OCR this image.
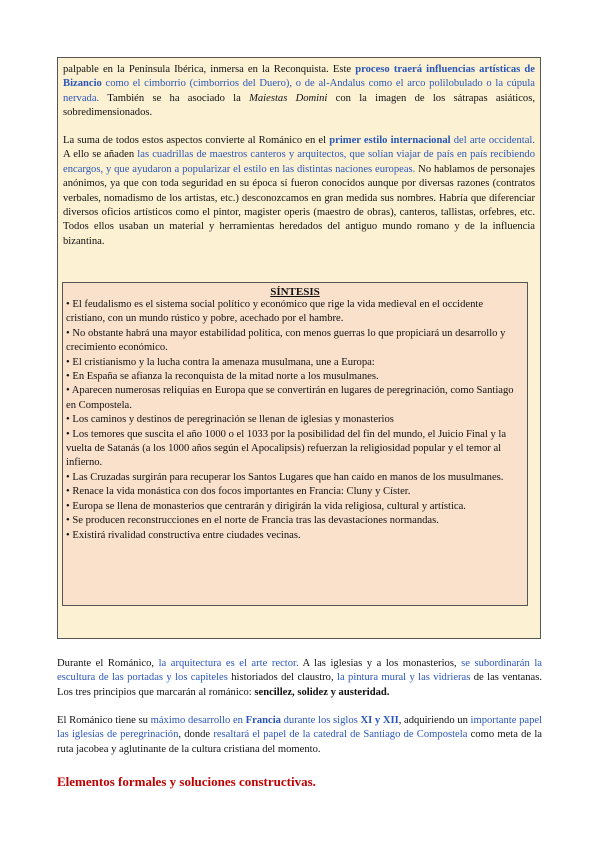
palpable en la Península Ibérica, inmersa en la Reconquista. Este proceso traerá influencias artísticas de Bizancio como el cimborrio (cimborrios del Duero), o de al-Andalus como el arco polilobulado o la cúpula nervada. También se ha asociado la Maiestas Domini con la imagen de los sátrapas asiáticos, sobredimensionados.

La suma de todos estos aspectos convierte al Románico en el primer estilo internacional del arte occidental. A ello se añaden las cuadrillas de maestros canteros y arquitectos, que solían viajar de país en país recibiendo encargos, y que ayudaron a popularizar el estilo en las distintas naciones europeas. No hablamos de personajes anónimos, ya que con toda seguridad en su época sí fueron conocidos aunque por diversas razones (contratos verbales, nomadismo de los artistas, etc.) desconozcamos en gran medida sus nombres. Habría que diferenciar diversos oficios artísticos como el pintor, magister operis (maestro de obras), canteros, tallistas, orfebres, etc. Todos ellos usaban un material y herramientas heredados del antiguo mundo romano y de la influencia bizantina.

SÍNTESIS

• El feudalismo es el sistema social político y económico que rige la vida medieval en el occidente cristiano, con un mundo rústico y pobre, acechado por el hambre.
• No obstante habrá una mayor estabilidad política, con menos guerras lo que propiciará un desarrollo y crecimiento económico.
• El cristianismo y la lucha contra la amenaza musulmana, une a Europa:
• En España se afianza la reconquista de la mitad norte a los musulmanes.
• Aparecen numerosas reliquias en Europa que se convertirán en lugares de peregrinación, como Santiago en Compostela.
• Los caminos y destinos de peregrinación se llenan de iglesias y monasterios
• Los temores que suscita el año 1000 o el 1033 por la posibilidad del fin del mundo, el Juicio Final y la vuelta de Satanás (a los 1000 años según el Apocalipsis) refuerzan la religiosidad popular y el temor al infierno.
• Las Cruzadas surgirán para recuperar los Santos Lugares que han caído en manos de los musulmanes.
• Renace la vida monástica con dos focos importantes en Francia: Cluny y Císter.
• Europa se llena de monasterios que centrarán y dirigirán la vida religiosa, cultural y artística.
• Se producen reconstrucciones en el norte de Francia tras las devastaciones normandas.
• Existirá rivalidad constructiva entre ciudades vecinas.

Durante el Románico, la arquitectura es el arte rector. A las iglesias y a los monasterios, se subordinarán la escultura de las portadas y los capiteles historiados del claustro, la pintura mural y las vidrieras de las ventanas. Los tres principios que marcarán al románico: sencillez, solidez y austeridad.

El Románico tiene su máximo desarrollo en Francia durante los siglos XI y XII, adquiriendo un importante papel las iglesias de peregrinación, donde resaltará el papel de la catedral de Santiago de Compostela como meta de la ruta jacobea y aglutinante de la cultura cristiana del momento.

Elementos formales y soluciones constructivas.
